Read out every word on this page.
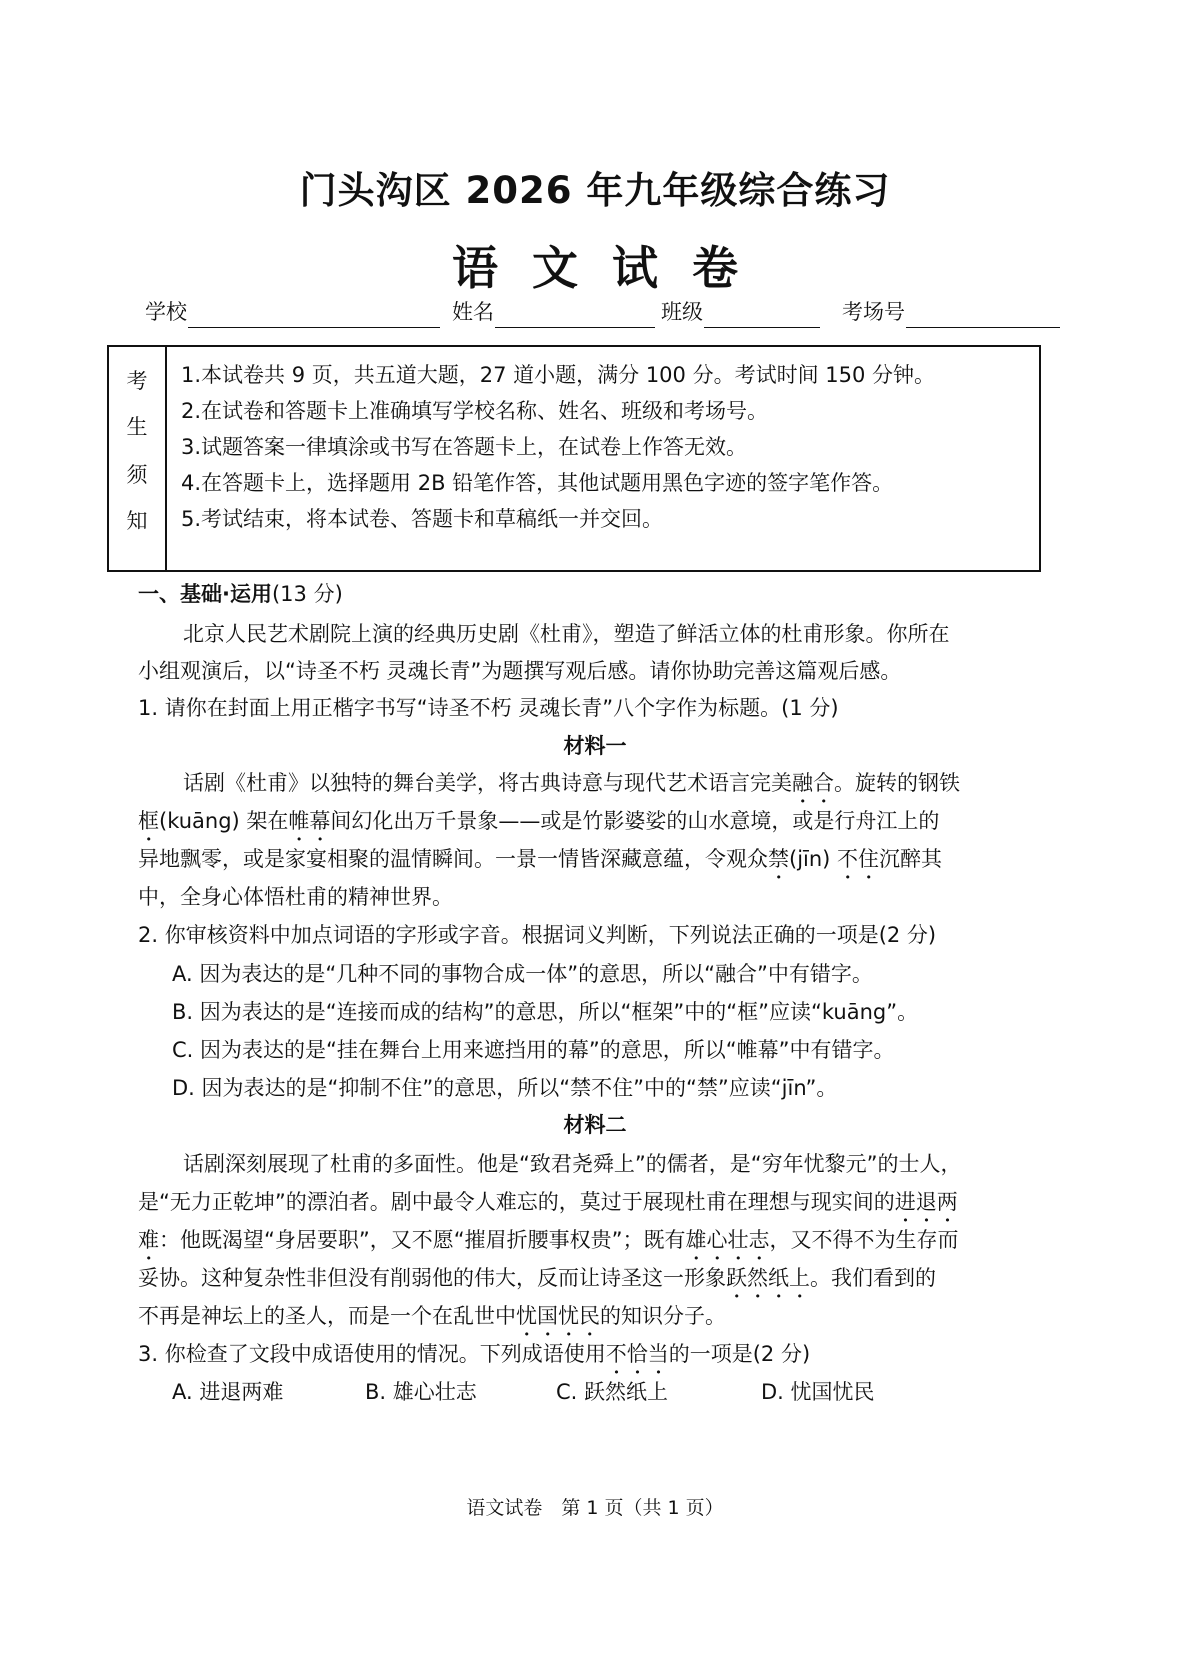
门头沟区 2026 年九年级综合练习
语文试卷
学校	姓名	班级	考场号
考
生
须
知
1.本试卷共 9 页，共五道大题，27 道小题，满分 100 分。考试时间 150 分钟。
2.在试卷和答题卡上准确填写学校名称、姓名、班级和考场号。
3.试题答案一律填涂或书写在答题卡上，在试卷上作答无效。
4.在答题卡上，选择题用 2B 铅笔作答，其他试题用黑色字迹的签字笔作答。
5.考试结束，将本试卷、答题卡和草稿纸一并交回。
一、基础·运用(13 分)
北京人民艺术剧院上演的经典历史剧《杜甫》，塑造了鲜活立体的杜甫形象。你所在
小组观演后，以“诗圣不朽 灵魂长青”为题撰写观后感。请你协助完善这篇观后感。
1. 请你在封面上用正楷字书写“诗圣不朽 灵魂长青”八个字作为标题。(1 分)
材料一
话剧《杜甫》以独特的舞台美学，将古典诗意与现代艺术语言完美融合。旋转的钢铁
框(kuāng) 架在帷幕间幻化出万千景象——或是竹影婆娑的山水意境，或是行舟江上的
异地飘零，或是家宴相聚的温情瞬间。一景一情皆深藏意蕴，令观众禁(jīn) 不住沉醉其
中，全身心体悟杜甫的精神世界。
2. 你审核资料中加点词语的字形或字音。根据词义判断，下列说法正确的一项是(2 分)
A. 因为表达的是“几种不同的事物合成一体”的意思，所以“融合”中有错字。
B. 因为表达的是“连接而成的结构”的意思，所以“框架”中的“框”应读“kuāng”。
C. 因为表达的是“挂在舞台上用来遮挡用的幕”的意思，所以“帷幕”中有错字。
D. 因为表达的是“抑制不住”的意思，所以“禁不住”中的“禁”应读“jīn”。
材料二
话剧深刻展现了杜甫的多面性。他是“致君尧舜上”的儒者，是“穷年忧黎元”的士人，
是“无力正乾坤”的漂泊者。剧中最令人难忘的，莫过于展现杜甫在理想与现实间的进退两
难：他既渴望“身居要职”，又不愿“摧眉折腰事权贵”；既有雄心壮志，又不得不为生存而
妥协。这种复杂性非但没有削弱他的伟大，反而让诗圣这一形象跃然纸上。我们看到的
不再是神坛上的圣人，而是一个在乱世中忧国忧民的知识分子。
3. 你检查了文段中成语使用的情况。下列成语使用不恰当的一项是(2 分)
A. 进退两难	B. 雄心壮志	C. 跃然纸上	D. 忧国忧民
语文试卷　第 1 页（共 1 页）
